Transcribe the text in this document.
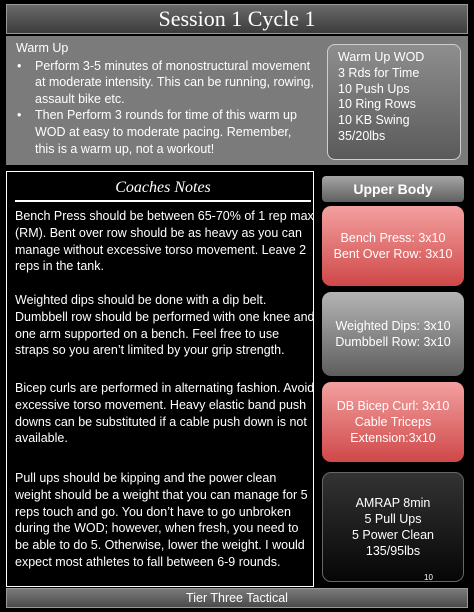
Session 1 Cycle 1
Warm Up
• Perform 3-5 minutes of monostructural movement at moderate intensity. This can be running, rowing, assault bike etc.
• Then Perform 3 rounds for time of this warm up WOD at easy to moderate pacing. Remember, this is a warm up, not a workout!
Warm Up WOD
3 Rds for Time
10 Push Ups
10 Ring Rows
10 KB Swing
35/20lbs
Coaches Notes
Bench Press should be between 65-70% of 1 rep max (RM). Bent over row should be as heavy as you can manage without excessive torso movement. Leave 2 reps in the tank.
Weighted dips should be done with a dip belt. Dumbbell row should be performed with one knee and one arm supported on a bench. Feel free to use straps so you aren’t limited by your grip strength.
Bicep curls are performed in alternating fashion. Avoid excessive torso movement. Heavy elastic band push downs can be substituted if a cable push down is not available.
Pull ups should be kipping and the power clean weight should be a weight that you can manage for 5 reps touch and go. You don’t have to go unbroken during the WOD; however, when fresh, you need to be able to do 5. Otherwise, lower the weight. I would expect most athletes to fall between 6-9 rounds.
Upper Body
Bench Press: 3x10
Bent Over Row: 3x10
Weighted Dips: 3x10
Dumbbell Row: 3x10
DB Bicep Curl: 3x10
Cable Triceps
Extension:3x10
AMRAP 8min
5 Pull Ups
5 Power Clean
135/95lbs
10
Tier Three Tactical
